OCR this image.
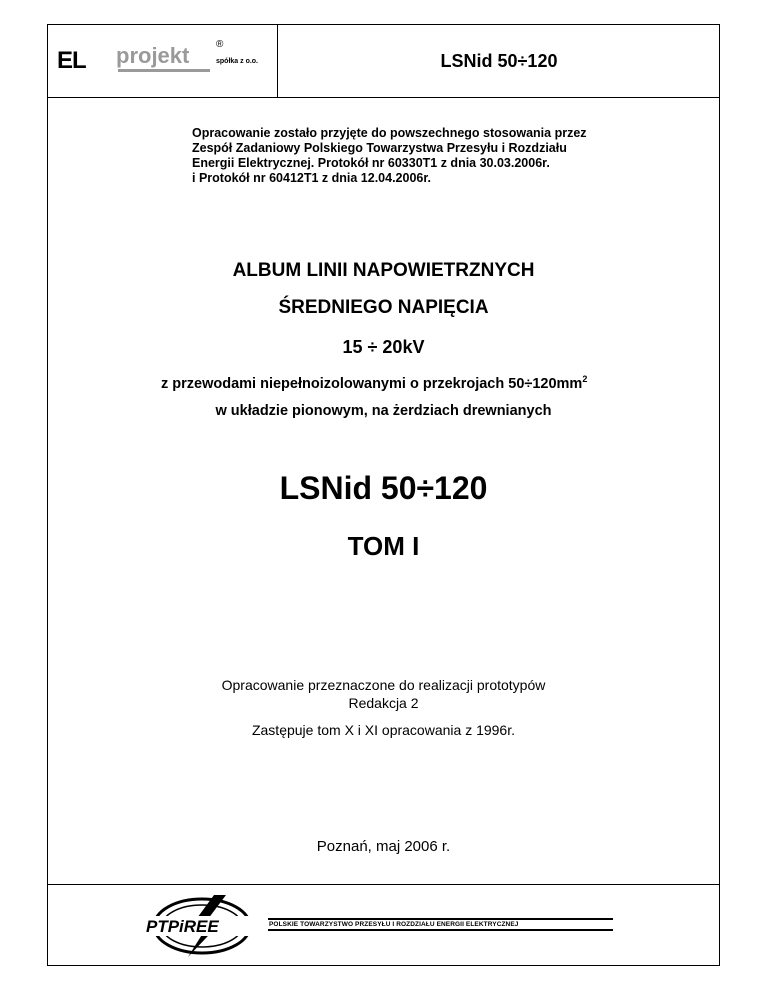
EL projekt	®
spółka z o.o.	LSNid 50÷120
Opracowanie zostało przyjęte do powszechnego stosowania przez
Zespół Zadaniowy Polskiego Towarzystwa Przesyłu i Rozdziału
Energii Elektrycznej. Protokół nr 60330T1 z dnia 30.03.2006r.
i Protokół nr 60412T1 z dnia 12.04.2006r.
ALBUM LINII NAPOWIETRZNYCH
ŚREDNIEGO NAPIĘCIA
15 ÷ 20kV
z przewodami niepełnoizolowanymi o przekrojach $50\div 120mm^2$
w układzie pionowym, na żerdziach drewnianych
LSNid 50÷120
TOM I
Opracowanie przeznaczone do realizacji prototypów
Redakcja 2
Zastępuje tom X i XI opracowania z 1996r.
Poznań, maj 2006 r.
PTPiREE	POLSKIE TOWARZYSTWO PRZESYŁU I ROZDZIAŁU ENERGII ELEKTRYCZNEJ
